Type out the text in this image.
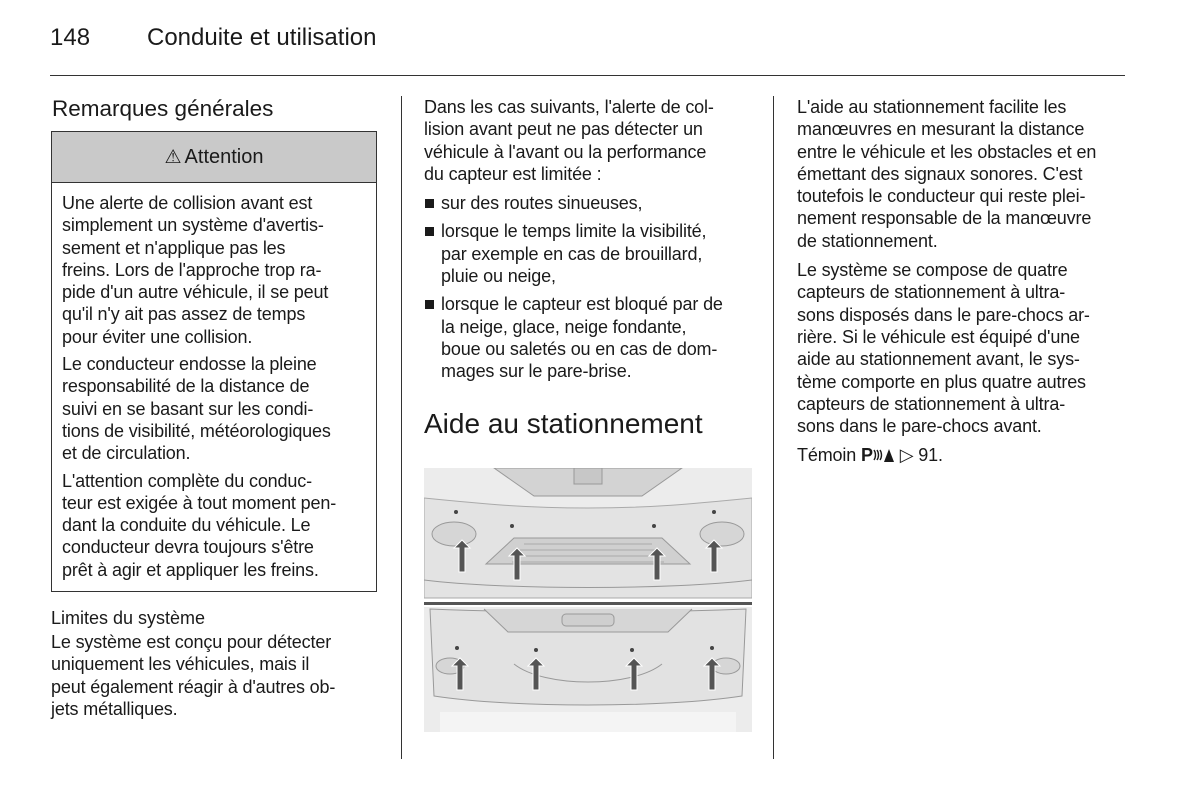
148 Conduite et utilisation
Remarques générales
⚠ Attention

Une alerte de collision avant est
simplement un système d'avertis-
sement et n'applique pas les
freins. Lors de l'approche trop ra-
pide d'un autre véhicule, il se peut
qu'il n'y ait pas assez de temps
pour éviter une collision.

Le conducteur endosse la pleine
responsabilité de la distance de
suivi en se basant sur les condi-
tions de visibilité, météorologiques
et de circulation.

L'attention complète du conduc-
teur est exigée à tout moment pen-
dant la conduite du véhicule. Le
conducteur devra toujours s'être
prêt à agir et appliquer les freins.

Limites du système
Le système est conçu pour détecter
uniquement les véhicules, mais il
peut également réagir à d'autres ob-
jets métalliques.

Dans les cas suivants, l'alerte de col-
lision avant peut ne pas détecter un
véhicule à l'avant ou la performance
du capteur est limitée :

sur des routes sinueuses,
lorsque le temps limite la visibilité,
par exemple en cas de brouillard,
pluie ou neige,
lorsque le capteur est bloqué par de
la neige, glace, neige fondante,
boue ou saletés ou en cas de dom-
mages sur le pare-brise.
Aide au stationnement

L'aide au stationnement facilite les
manœuvres en mesurant la distance
entre le véhicule et les obstacles et en
émettant des signaux sonores. C'est
toutefois le conducteur qui reste plei-
nement responsable de la manœuvre
de stationnement.

Le système se compose de quatre
capteurs de stationnement à ultra-
sons disposés dans le pare-chocs ar-
rière. Si le véhicule est équipé d'une
aide au stationnement avant, le sys-
tème comporte en plus quatre autres
capteurs de stationnement à ultra-
sons dans le pare-chocs avant.

Témoin P ▷ 91.
